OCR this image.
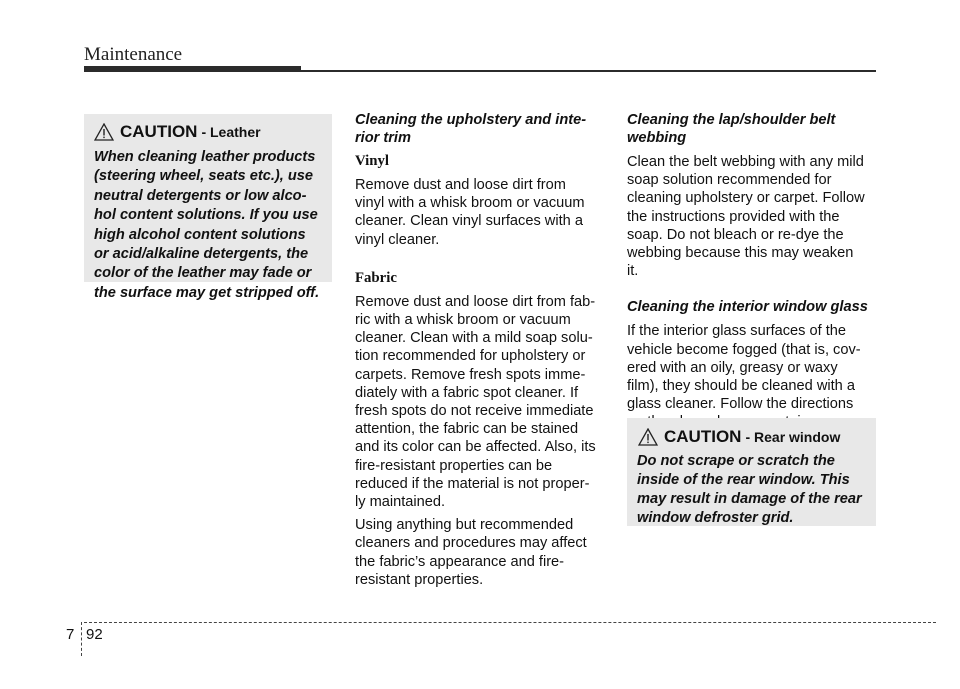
Maintenance
CAUTION - Leather
When cleaning leather products
(steering wheel, seats etc.), use
neutral detergents or low alco-
hol content solutions. If you use
high alcohol content solutions
or acid/alkaline detergents, the
color of the leather may fade or
the surface may get stripped off.
Cleaning the upholstery and inte-
rior trim
Vinyl
Remove dust and loose dirt from
vinyl with a whisk broom or vacuum
cleaner. Clean vinyl surfaces with a
vinyl cleaner.
Fabric
Remove dust and loose dirt from fab-
ric with a whisk broom or vacuum
cleaner. Clean with a mild soap solu-
tion recommended for upholstery or
carpets. Remove fresh spots imme-
diately with a fabric spot cleaner. If
fresh spots do not receive immediate
attention, the fabric can be stained
and its color can be affected. Also, its
fire-resistant properties can be
reduced if the material is not proper-
ly maintained.
Using anything but recommended
cleaners and procedures may affect
the fabric’s appearance and fire-
resistant properties.
Cleaning the lap/shoulder belt
webbing
Clean the belt webbing with any mild
soap solution recommended for
cleaning upholstery or carpet. Follow
the instructions provided with the
soap. Do not bleach or re-dye the
webbing because this may weaken
it.
Cleaning the interior window glass
If the interior glass surfaces of the
vehicle become fogged (that is, cov-
ered with an oily, greasy or waxy
film), they should be cleaned with a
glass cleaner. Follow the directions
CAUTION - Rear window
Do not scrape or scratch the
inside of the rear window. This
may result in damage of the rear
window defroster grid.
7 92
